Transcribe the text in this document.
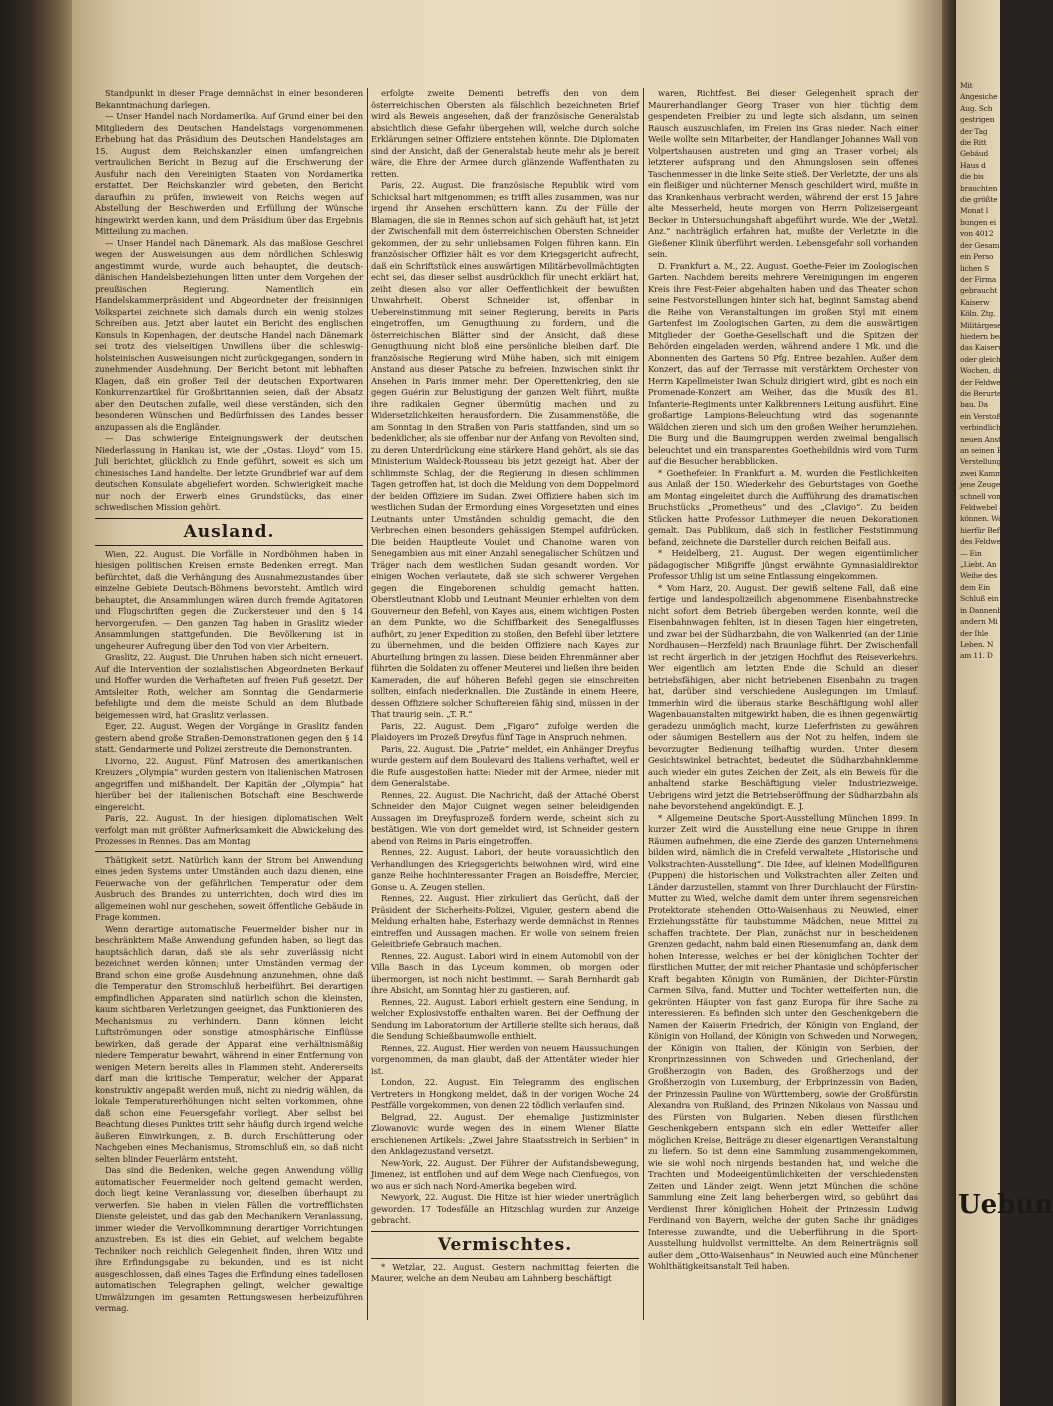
Mit
Angesiche
Aug. Sch
gestrigen
der Tag
die Ritt
Gebäud
Haus d
die bis
brauchten
die größte
Monat l
bungen ei
von 4012
der Gesam
ein Perso
lichen S
der Firma
gebraucht
Kaiserw
Köln. Ztg.
Militärgesel
hiedern beante
das Kaiserw
oder gleichwe
Wochen, die
der Feldwebel
die Berurtei
bau. Da
ein Verstoß
verbindlich
neuen Anst
an seinen Bo
Verstellung
zwei Kammer
jene Zeugen,
schnell von
Feldwebel ab
können. Wo
hierfür Befri
des Feldweb
— Ein
„Liebt. An
Weihe des
dem Ein
Schluß ein
in Dannenb
andern Mi
der Ihle
Leben. N
am 11. D
Uebun

Standpunkt in dieser Frage demnächst in einer besonderen Bekanntmachung darlegen.

— Unser Handel nach Nordamerika. Auf Grund einer bei den Mitgliedern des Deutschen Handelstags vorgenommenen Erhebung hat das Präsidium des Deutschen Handelstages am 15. August dem Reichskanzler einen umfangreichen vertraulichen Bericht in Bezug auf die Erschwerung der Ausfuhr nach den Vereinigten Staaten von Nordamerika erstattet. Der Reichskanzler wird gebeten, den Bericht daraufhin zu prüfen, inwieweit von Reichs wegen auf Abstellung der Beschwerden und Erfüllung der Wünsche hingewirkt werden kann, und dem Präsidium über das Ergebnis Mitteilung zu machen.

— Unser Handel nach Dänemark. Als das maßlose Geschrei wegen der Ausweisungen aus dem nördlichen Schleswig angestimmt wurde, wurde auch behauptet, die deutsch-dänischen Handelsbeziehungen litten unter dem Vorgehen der preußischen Regierung. Namentlich ein Handelskammerpräsident und Abgeordneter der freisinnigen Volkspartei zeichnete sich damals durch ein wenig stolzes Schreiben aus. Jetzt aber lautet ein Bericht des englischen Konsuls in Kopenhagen, der deutsche Handel nach Dänemark sei trotz des vielseitigen Unwillens über die schleswig-holsteinischen Ausweisungen nicht zurückgegangen, sondern in zunehmender Ausdehnung. Der Bericht betont mit lebhaften Klagen, daß ein großer Teil der deutschen Exportwaren Konkurrenzartikel für Großbritannien seien, daß der Absatz aber den Deutschen zufalle, weil diese verständen, sich den besonderen Wünschen und Bedürfnissen des Landes besser anzupassen als die Engländer.

— Das schwierige Enteignungswerk der deutschen Niederlassung in Hankau ist, wie der „Ostas. Lloyd“ vom 15. Juli berichtet, glücklich zu Ende geführt, soweit es sich um chinesisches Land handelte. Der letzte Grundbrief war auf dem deutschen Konsulate abgeliefert worden. Schwierigkeit mache nur noch der Erwerb eines Grundstücks, das einer schwedischen Mission gehört.

Ausland.

Wien, 22. August. Die Vorfälle in Nordböhmen haben in hiesigen politischen Kreisen ernste Bedenken erregt. Man befürchtet, daß die Verhängung des Ausnahmezustandes über einzelne Gebiete Deutsch-Böhmens bevorsteht. Amtlich wird behauptet, die Ansammlungen wären durch fremde Agitatoren und Flugschriften gegen die Zuckersteuer und den § 14 hervorgerufen. — Den ganzen Tag haben in Graslitz wieder Ansammlungen stattgefunden. Die Bevölkerung ist in ungeheurer Aufregung über den Tod von vier Arbeitern.

Graslitz, 22. August. Die Unruhen haben sich nicht erneuert. Auf die Intervention der sozialistischen Abgeordneten Berkauf und Hoffer wurden die Verhafteten auf freien Fuß gesetzt. Der Amtsleiter Roth, welcher am Sonntag die Gendarmerie befehligte und dem die meiste Schuld an dem Blutbade beigemessen wird, hat Graslitz verlassen.

Eger, 22. August. Wegen der Vorgänge in Graslitz fanden gestern abend große Straßen-Demonstrationen gegen den § 14 statt. Gendarmerie und Polizei zerstreute die Demonstranten.

Livorno, 22. August. Fünf Matrosen des amerikanischen Kreuzers „Olympia“ wurden gestern von italienischen Matrosen angegriffen und mißhandelt. Der Kapitän der „Olympia“ hat hierüber bei der italienischen Botschaft eine Beschwerde eingereicht.

Paris, 22. August. In der hiesigen diplomatischen Welt verfolgt man mit größter Aufmerksamkeit die Abwickelung des Prozesses in Rennes. Das am Montag

Thätigkeit setzt. Natürlich kann der Strom bei Anwendung eines jeden Systems unter Umständen auch dazu dienen, eine Feuerwache von der gefährlichen Temperatur oder dem Ausbruch des Brandes zu unterrichten, doch wird dies im allgemeinen wohl nur geschehen, soweit öffentliche Gebäude in Frage kommen.

Wenn derartige automatische Feuermelder bisher nur in beschränktem Maße Anwendung gefunden haben, so liegt das hauptsächlich daran, daß sie als sehr zuverlässig nicht bezeichnet werden können; unter Umständen vermag der Brand schon eine große Ausdehnung anzunehmen, ohne daß die Temperatur den Stromschluß herbeiführt. Bei derartigen empfindlichen Apparaten sind natürlich schon die kleinsten, kaum sichtbaren Verletzungen geeignet, das Funktionieren des Mechanismus zu verhindern. Dann können leicht Luftströmungen oder sonstige atmosphärische Einflüsse bewirken, daß gerade der Apparat eine verhältnismäßig niedere Temperatur bewahrt, während in einer Entfernung von wenigen Metern bereits alles in Flammen steht. Andererseits darf man die kritische Temperatur, welcher der Apparat konstruktiv angepaßt werden muß, nicht zu niedrig wählen, da lokale Temperaturerhöhungen nicht selten vorkommen, ohne daß schon eine Feuersgefahr vorliegt. Aber selbst bei Beachtung dieses Punktes tritt sehr häufig durch irgend welche äußeren Einwirkungen, z. B. durch Erschütterung oder Nachgeben eines Mechanismus, Stromschluß ein, so daß nicht selten blinder Feuerlärm entsteht.

Das sind die Bedenken, welche gegen Anwendung völlig automatischer Feuermelder noch geltend gemacht werden, doch liegt keine Veranlassung vor, dieselben überhaupt zu verwerfen. Sie haben in vielen Fällen die vortrefflichsten Dienste geleistet, und das gab den Mechanikern Veranlassung, immer wieder die Vervollkommnung derartiger Vorrichtungen anzustreben. Es ist dies ein Gebiet, auf welchem begabte Techniker noch reichlich Gelegenheit finden, ihren Witz und ihre Erfindungsgabe zu bekunden, und es ist nicht ausgeschlossen, daß eines Tages die Erfindung eines tadellosen automatischen Telegraphen gelingt, welcher gewaltige Umwälzungen im gesamten Rettungswesen herbeizuführen vermag.

erfolgte zweite Dementi betreffs den von dem österreichischen Obersten als fälschlich bezeichneten Brief wird als Beweis angesehen, daß der französische Generalstab absichtlich diese Gefahr übergehen will, welche durch solche Erklärungen seiner Offiziere entstehen könnte. Die Diplomaten sind der Ansicht, daß der Generalstab heute mehr als je bereit wäre, die Ehre der Armee durch glänzende Waffenthaten zu retten.

Paris, 22. August. Die französische Republik wird vom Schicksal hart mitgenommen; es trifft alles zusammen, was nur irgend ihr Ansehen erschüttern kann. Zu der Fülle der Blamagen, die sie in Rennes schon auf sich gehäuft hat, ist jetzt der Zwischenfall mit dem österreichischen Obersten Schneider gekommen, der zu sehr unliebsamen Folgen führen kann. Ein französischer Offizier hält es vor dem Kriegsgericht aufrecht, daß ein Schriftstück eines auswärtigen Militärbevollmächtigten echt sei, das dieser selbst ausdrücklich für unecht erklärt hat, zeiht diesen also vor aller Oeffentlichkeit der bewußten Unwahrheit. Oberst Schneider ist, offenbar in Uebereinstimmung mit seiner Regierung, bereits in Paris eingetroffen, um Genugthuung zu fordern, und die österreichischen Blätter sind der Ansicht, daß diese Genugthuung nicht bloß eine persönliche bleiben darf. Die französische Regierung wird Mühe haben, sich mit einigem Anstand aus dieser Patsche zu befreien. Inzwischen sinkt ihr Ansehen in Paris immer mehr. Der Operettenkrieg, den sie gegen Guérin zur Belustigung der ganzen Welt führt, mußte ihre radikalen Gegner übermütig machen und zu Widersetzlichkeiten herausfordern. Die Zusammenstöße, die am Sonntag in den Straßen von Paris stattfanden, sind um so bedenklicher, als sie offenbar nur der Anfang von Revolten sind, zu deren Unterdrückung eine stärkere Hand gehört, als sie das Ministerium Waldeck-Rousseau bis jetzt gezeigt hat. Aber der schlimmste Schlag, der die Regierung in diesen schlimmen Tagen getroffen hat, ist doch die Meldung von dem Doppelmord der beiden Offiziere im Sudan. Zwei Offiziere haben sich im westlichen Sudan der Ermordung eines Vorgesetzten und eines Leutnants unter Umständen schuldig gemacht, die den Verbrechen einen besonders gehässigen Stempel aufdrücken. Die beiden Hauptleute Voulet und Chanoine waren von Senegambien aus mit einer Anzahl senegalischer Schützen und Träger nach dem westlichen Sudan gesandt worden. Vor einigen Wochen verlautete, daß sie sich schwerer Vergehen gegen die Eingeborenen schuldig gemacht hatten. Oberstleutnant Klobb und Leutnant Meunier erhielten von dem Gouverneur den Befehl, von Kayes aus, einem wichtigen Posten an dem Punkte, wo die Schiffbarkeit des Senegalflusses aufhört, zu jener Expedition zu stoßen, den Befehl über letztere zu übernehmen, und die beiden Offiziere nach Kayes zur Aburteilung bringen zu lassen. Diese beiden Ehrenmänner aber führten die Soldaten zu offener Meuterei und ließen ihre beiden Kameraden, die auf höheren Befehl gegen sie einschreiten sollten, einfach niederknallen. Die Zustände in einem Heere, dessen Offiziere solcher Schuftereien fähig sind, müssen in der That traurig sein. „T. R.“

Paris, 22. August. Dem „Figaro“ zufolge werden die Plaidoyers im Prozeß Dreyfus fünf Tage in Anspruch nehmen.

Paris, 22. August. Die „Patrie“ meldet, ein Anhänger Dreyfus wurde gestern auf dem Boulevard des Italiens verhaftet, weil er die Rufe ausgestoßen hatte: Nieder mit der Armee, nieder mit dem Generalstabe.

Rennes, 22. August. Die Nachricht, daß der Attaché Oberst Schneider den Major Cuignet wegen seiner beleidigenden Aussagen im Dreyfusprozeß fordern werde, scheint sich zu bestätigen. Wie von dort gemeldet wird, ist Schneider gestern abend von Reims in Paris eingetroffen.

Rennes, 22. August. Labori, der heute voraussichtlich den Verhandlungen des Kriegsgerichts beiwohnen wird, wird eine ganze Reihe hochinteressanter Fragen an Boisdeffre, Mercier, Gonse u. A. Zeugen stellen.

Rennes, 22. August. Hier zirkuliert das Gerücht, daß der Präsident der Sicherheits-Polizei, Viguier, gestern abend die Meldung erhalten habe, Esterhazy werde demnächst in Rennes eintreffen und Aussagen machen. Er wolle von seinem freien Geleitbriefe Gebrauch machen.

Rennes, 22. August. Labori wird in einem Automobil von der Villa Basch in das Lyceum kommen, ob morgen oder übermorgen, ist noch nicht bestimmt. — Sarah Bernhardt gab ihre Absicht, am Sonntag hier zu gastieren, auf.

Rennes, 22. August. Labori erhielt gestern eine Sendung, in welcher Explosivstoffe enthalten waren. Bei der Oeffnung der Sendung im Laboratorium der Artillerie stellte sich heraus, daß die Sendung Schießbaumwolle enthielt.

Rennes, 22. August. Hier werden von neuem Haussuchungen vorgenommen, da man glaubt, daß der Attentäter wieder hier ist.

London, 22. August. Ein Telegramm des englischen Vertreters in Hongkong meldet, daß in der vorigen Woche 24 Pestfälle vorgekommen, von denen 22 tödlich verlaufen sind.

Belgrad, 22. August. Der ehemalige Justizminister Zlowanovic wurde wegen des in einem Wiener Blatte erschienenen Artikels: „Zwei Jahre Staatsstreich in Serbien“ in den Anklagezustand versetzt.

New-York, 22. August. Der Führer der Aufstandsbewegung, Jimenez, ist entflohen und auf dem Wege nach Cienfuegos, von wo aus er sich nach Nord-Amerika begeben wird.

Newyork, 22. August. Die Hitze ist hier wieder unerträglich geworden. 17 Todesfälle an Hitzschlag wurden zur Anzeige gebracht.

Vermischtes.

* Wetzlar, 22. August. Gestern nachmittag feierten die Maurer, welche an dem Neubau am Lahnberg beschäftigt

waren, Richtfest. Bei dieser Gelegenheit sprach der Maurerhandlanger Georg Traser von hier tüchtig dem gespendeten Freibier zu und legte sich alsdann, um seinen Rausch auszuschlafen, im Freien ins Gras nieder. Nach einer Weile wollte sein Mitarbeiter, der Handlanger Johannes Wall von Volpertshausen austreten und ging an Traser vorbei; als letzterer aufsprang und den Ahnungslosen sein offenes Taschenmesser in die linke Seite stieß. Der Verletzte, der uns als ein fleißiger und nüchterner Mensch geschildert wird, mußte in das Krankenhaus verbracht werden, während der erst 15 Jahre alte Messerheld, heute morgen von Herrn Polizeisergeant Becker in Untersuchungshaft abgeführt wurde. Wie der „Wetzl. Anz.“ nachträglich erfahren hat, mußte der Verletzte in die Gießener Klinik überführt werden. Lebensgefahr soll vorhanden sein.

D. Frankfurt a. M., 22. August. Goethe-Feier im Zoologischen Garten. Nachdem bereits mehrere Vereinigungen im engeren Kreis ihre Fest-Feier abgehalten haben und das Theater schon seine Festvorstellungen hinter sich hat, beginnt Samstag abend die Reihe von Veranstaltungen im großen Styl mit einem Gartenfest im Zoologischen Garten, zu dem die auswärtigen Mitglieder der Goethe-Gesellschaft und die Spitzen der Behörden eingeladen werden, während andere 1 Mk. und die Abonnenten des Gartens 50 Pfg. Entree bezahlen. Außer dem Konzert, das auf der Terrasse mit verstärktem Orchester von Herrn Kapellmeister Iwan Schulz dirigiert wird, gibt es noch ein Promenade-Konzert am Weiher, das die Musik des 81. Infanterie-Regiments unter Kalkbrenners Leitung ausführt. Eine großartige Lampions-Beleuchtung wird das sogenannte Wäldchen zieren und sich um den großen Weiher herumziehen. Die Burg und die Baumgruppen werden zweimal bengalisch beleuchtet und ein transparentes Goethebildnis wird vom Turm auf die Besucher herabblicken.

* Goethefeier. In Frankfurt a. M. wurden die Festlichkeiten aus Anlaß der 150. Wiederkehr des Geburtstages von Goethe am Montag eingeleitet durch die Aufführung des dramatischen Bruchstücks „Prometheus“ und des „Clavigo“. Zu beiden Stücken hatte Professor Luthmeyer die neuen Dekorationen gemalt. Das Publikum, daß sich in festlicher Feststimmung befand, zeichnete die Darsteller durch reichen Beifall aus.

* Heidelberg, 21. August. Der wegen eigentümlicher pädagogischer Mißgriffe jüngst erwähnte Gymnasialdirektor Professor Uhlig ist um seine Entlassung eingekommen.

* Vom Harz, 20. August. Der gewiß seltene Fall, daß eine fertige und landespolizeilich abgenommene Eisenbahnstrecke nicht sofort dem Betrieb übergeben werden konnte, weil die Eisenbahnwagen fehlten, ist in diesen Tagen hier eingetreten, und zwar bei der Südharzbahn, die von Walkenried (an der Linie Nordhausen—Herzfeld) nach Braunlage führt. Der Zwischenfall ist recht ärgerlich in der jetzigen Hochflut des Reiseverkehrs. Wer eigentlich am letzten Ende die Schuld an dieser betriebsfähigen, aber nicht betriebenen Eisenbahn zu tragen hat, darüber sind verschiedene Auslegungen im Umlauf. Immerhin wird die überaus starke Beschäftigung wohl aller Wagenbauanstalten mitgewirkt haben, die es ihnen gegenwärtig geradezu unmöglich macht, kurze Lieferfristen zu gewähren oder säumigen Bestellern aus der Not zu helfen, indem sie bevorzugter Bedienung teilhaftig wurden. Unter diesem Gesichtswinkel betrachtet, bedeutet die Südharzbahnklemme auch wieder ein gutes Zeichen der Zeit, als ein Beweis für die anhaltend starke Beschäftigung vieler Industriezweige. Uebrigens wird jetzt die Betriebseröffnung der Südharzbahn als nahe bevorstehend angekündigt. E. J.

* Allgemeine Deutsche Sport-Ausstellung München 1899. In kurzer Zeit wird die Ausstellung eine neue Gruppe in ihren Räumen aufnehmen, die eine Zierde des ganzen Unternehmens bilden wird, nämlich die in Crefeld verwaltete „Historische und Volkstrachten-Ausstellung“. Die Idee, auf kleinen Modellfiguren (Puppen) die historischen und Volkstrachten aller Zeiten und Länder darzustellen, stammt von Ihrer Durchlaucht der Fürstin-Mutter zu Wied, welche damit dem unter ihrem segensreichen Protektorate stehenden Otto-Waisenhaus zu Neuwied, einer Erziehungsstätte für taubstumme Mädchen, neue Mittel zu schaffen trachtete. Der Plan, zunächst nur in bescheidenen Grenzen gedacht, nahm bald einen Riesenumfang an, dank dem hohen Interesse, welches er bei der königlichen Tochter der fürstlichen Mutter, der mit reicher Phantasie und schöpferischer Kraft begabten Königin von Rumänien, der Dichter-Fürstin Carmen Silva, fand. Mutter und Tochter wetteiferten nun, die gekrönten Häupter von fast ganz Europa für ihre Sache zu interessieren. Es befinden sich unter den Geschenkgebern die Namen der Kaiserin Friedrich, der Königin von England, der Königin von Holland, der Königin von Schweden und Norwegen, der Königin von Italien, der Königin von Serbien, der Kronprinzessinnen von Schweden und Griechenland, der Großherzogin von Baden, des Großherzogs und der Großherzogin von Luxemburg, der Erbprinzessin von Baden, der Prinzessin Pauline von Württemberg, sowie der Großfürstin Alexandra von Rußland, des Prinzen Nikolaus von Nassau und des Fürsten von Bulgarien. Neben diesen fürstlichen Geschenkgebern entspann sich ein edler Wetteifer aller möglichen Kreise, Beiträge zu dieser eigenartigen Veranstaltung zu liefern. So ist denn eine Sammlung zusammengekommen, wie sie wohl noch nirgends bestanden hat, und welche die Trachten und Modeeigentümlichkeiten der verschiedensten Zeiten und Länder zeigt. Wenn jetzt München die schöne Sammlung eine Zeit lang beherbergen wird, so gebührt das Verdienst Ihrer königlichen Hoheit der Prinzessin Ludwig Ferdinand von Bayern, welche der guten Sache ihr gnädiges Interesse zuwandte, und die Ueberführung in die Sport-Ausstellung huldvollst vermittelte. An dem Reinerträgnis soll außer dem „Otto-Waisenhaus“ in Neuwied auch eine Münchener Wohlthätigkeitsanstalt Teil haben.
